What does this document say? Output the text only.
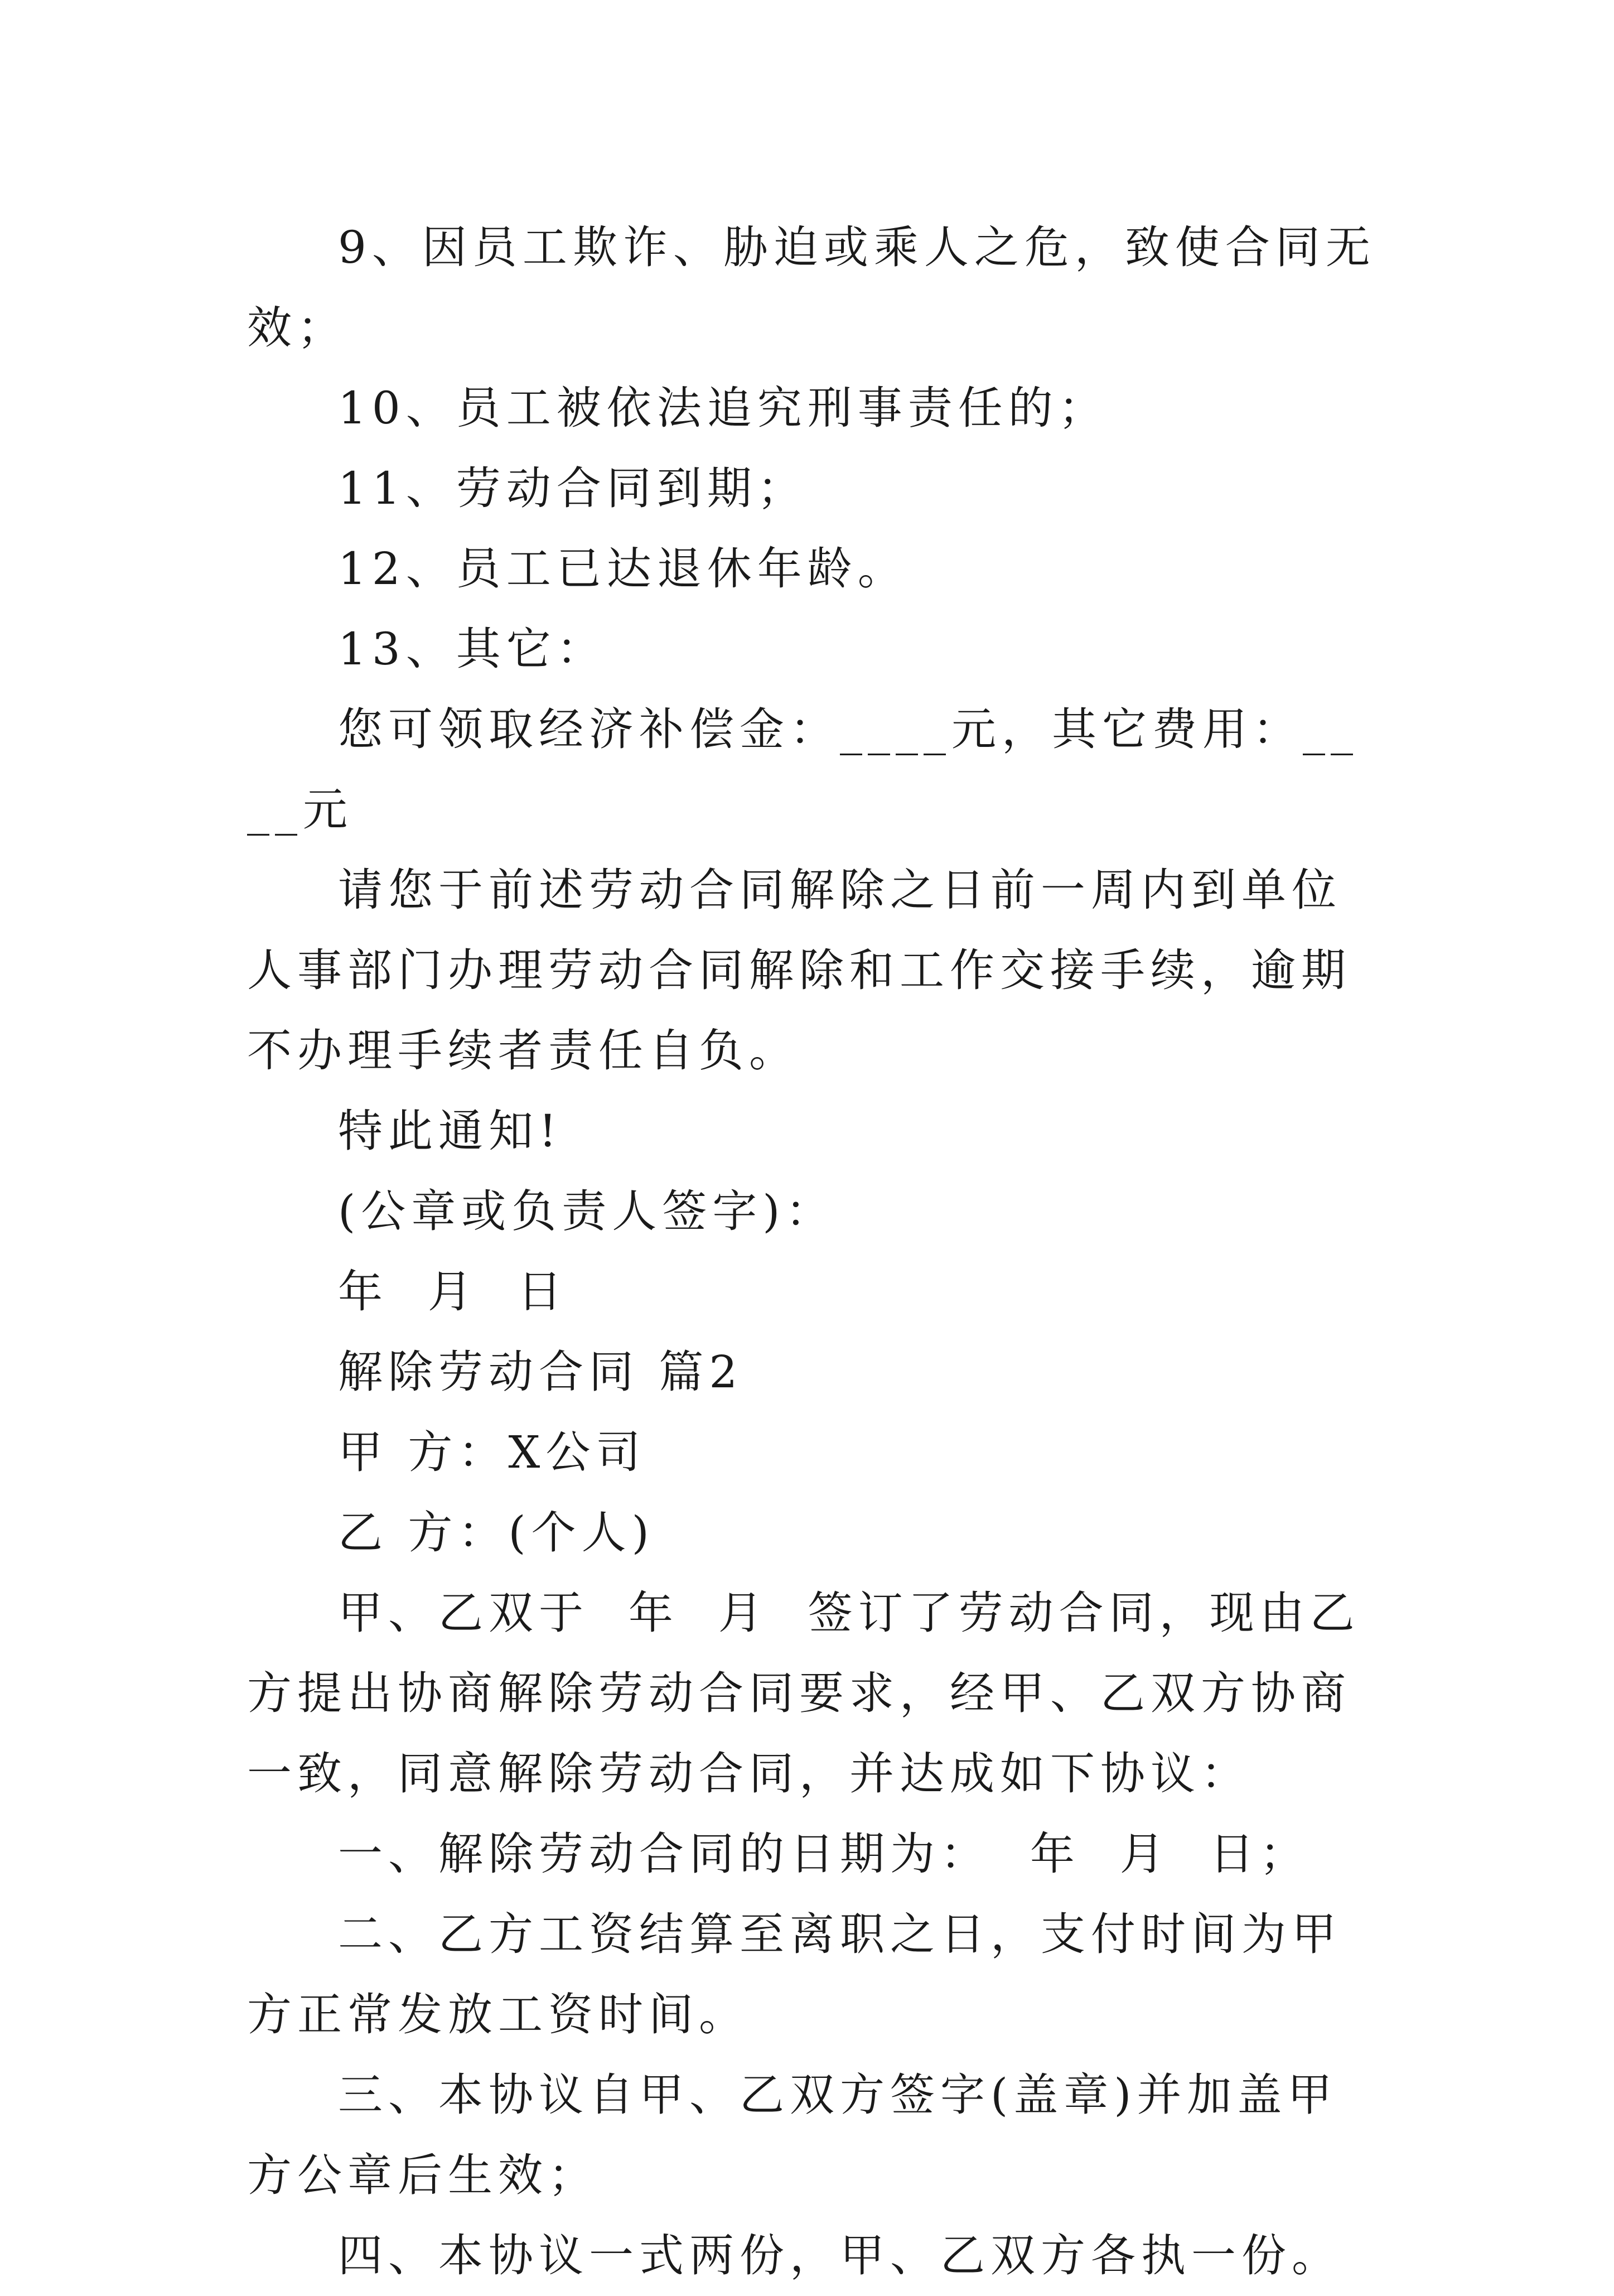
9、因员工欺诈、胁迫或乘人之危，致使合同无效；

10、员工被依法追究刑事责任的；

11、劳动合同到期；

12、员工已达退休年龄。

13、其它：

您可领取经济补偿金：____元，其它费用：____元

请您于前述劳动合同解除之日前一周内到单位人事部门办理劳动合同解除和工作交接手续，逾期不办理手续者责任自负。

特此通知!

(公章或负责人签字)：

年  月  日

解除劳动合同 篇2

甲 方：X公司

乙 方：(个人)

甲、乙双于  年  月  签订了劳动合同，现由乙方提出协商解除劳动合同要求，经甲、乙双方协商一致，同意解除劳动合同，并达成如下协议：

一、解除劳动合同的日期为：  年  月  日；

二、乙方工资结算至离职之日，支付时间为甲方正常发放工资时间。

三、本协议自甲、乙双方签字(盖章)并加盖甲方公章后生效；

四、本协议一式两份，甲、乙双方各执一份。
